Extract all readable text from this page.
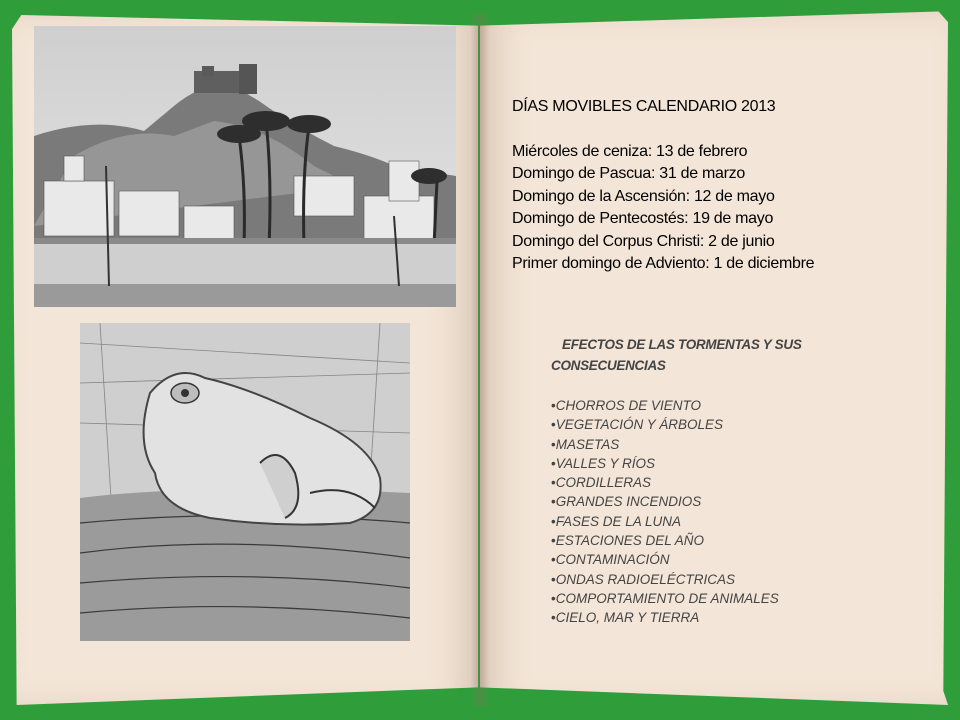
DÍAS MOVIBLES CALENDARIO 2013
Miércoles de ceniza: 13 de febrero
Domingo de Pascua: 31 de marzo
Domingo de la Ascensión: 12 de mayo
Domingo de Pentecostés: 19 de mayo
Domingo del Corpus Christi: 2 de junio
Primer domingo de Adviento: 1 de diciembre
EFECTOS DE LAS TORMENTAS Y SUS
CONSECUENCIAS
•CHORROS DE VIENTO
•VEGETACIÓN Y ÁRBOLES
•MASETAS
•VALLES Y RÍOS
•CORDILLERAS
•GRANDES INCENDIOS
•FASES DE LA LUNA
•ESTACIONES DEL AÑO
•CONTAMINACIÓN
•ONDAS RADIOELÉCTRICAS
•COMPORTAMIENTO DE ANIMALES
•CIELO, MAR Y TIERRA
